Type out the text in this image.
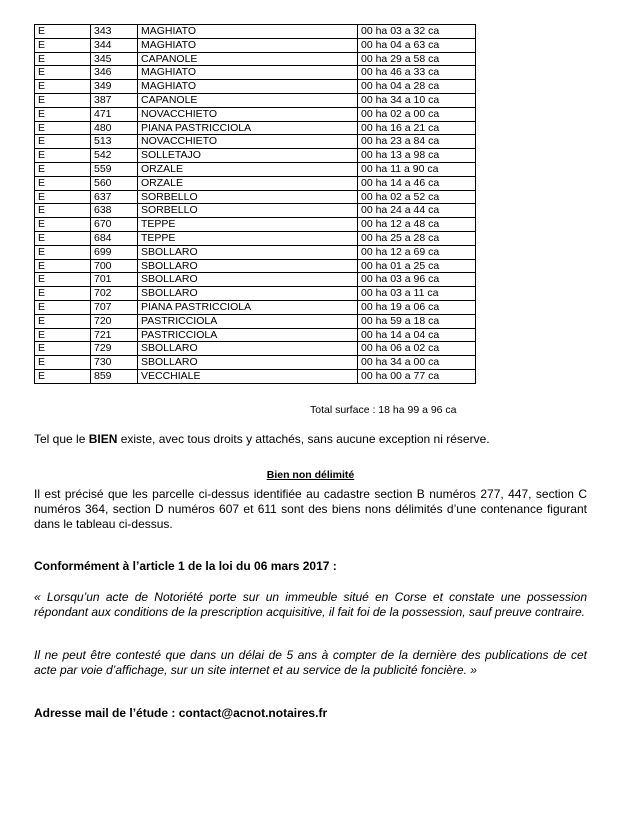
E	343	MAGHIATO	00 ha 03 a 32 ca
E	344	MAGHIATO	00 ha 04 a 63 ca
E	345	CAPANOLE	00 ha 29 a 58 ca
E	346	MAGHIATO	00 ha 46 a 33 ca
E	349	MAGHIATO	00 ha 04 a 28 ca
E	387	CAPANOLE	00 ha 34 a 10 ca
E	471	NOVACCHIETO	00 ha 02 a 00 ca
E	480	PIANA PASTRICCIOLA	00 ha 16 a 21 ca
E	513	NOVACCHIETO	00 ha 23 a 84 ca
E	542	SOLLETAJO	00 ha 13 a 98 ca
E	559	ORZALE	00 ha 11 a 90 ca
E	560	ORZALE	00 ha 14 a 46 ca
E	637	SORBELLO	00 ha 02 a 52 ca
E	638	SORBELLO	00 ha 24 a 44 ca
E	670	TEPPE	00 ha 12 a 48 ca
E	684	TEPPE	00 ha 25 a 28 ca
E	699	SBOLLARO	00 ha 12 a 69 ca
E	700	SBOLLARO	00 ha 01 a 25 ca
E	701	SBOLLARO	00 ha 03 a 96 ca
E	702	SBOLLARO	00 ha 03 a 11 ca
E	707	PIANA PASTRICCIOLA	00 ha 19 a 06 ca
E	720	PASTRICCIOLA	00 ha 59 a 18 ca
E	721	PASTRICCIOLA	00 ha 14 a 04 ca
E	729	SBOLLARO	00 ha 06 a 02 ca
E	730	SBOLLARO	00 ha 34 a 00 ca
E	859	VECCHIALE	00 ha 00 a 77 ca
Total surface : 18 ha 99 a 96 ca
Tel que le BIEN existe, avec tous droits y attachés, sans aucune exception ni réserve.
Bien non délimité
Il est précisé que les parcelle ci-dessus identifiée au cadastre section B numéros 277, 447, section C numéros 364, section D numéros 607 et 611 sont des biens nons délimités d’une contenance figurant dans le tableau ci-dessus.
Conformément à l’article 1 de la loi du 06 mars 2017 :
« Lorsqu’un acte de Notoriété porte sur un immeuble situé en Corse et constate une possession répondant aux conditions de la prescription acquisitive, il fait foi de la possession, sauf preuve contraire.
Il ne peut être contesté que dans un délai de 5 ans à compter de la dernière des publications de cet acte par voie d’affichage, sur un site internet et au service de la publicité foncière. »
Adresse mail de l’étude : contact@acnot.notaires.fr
